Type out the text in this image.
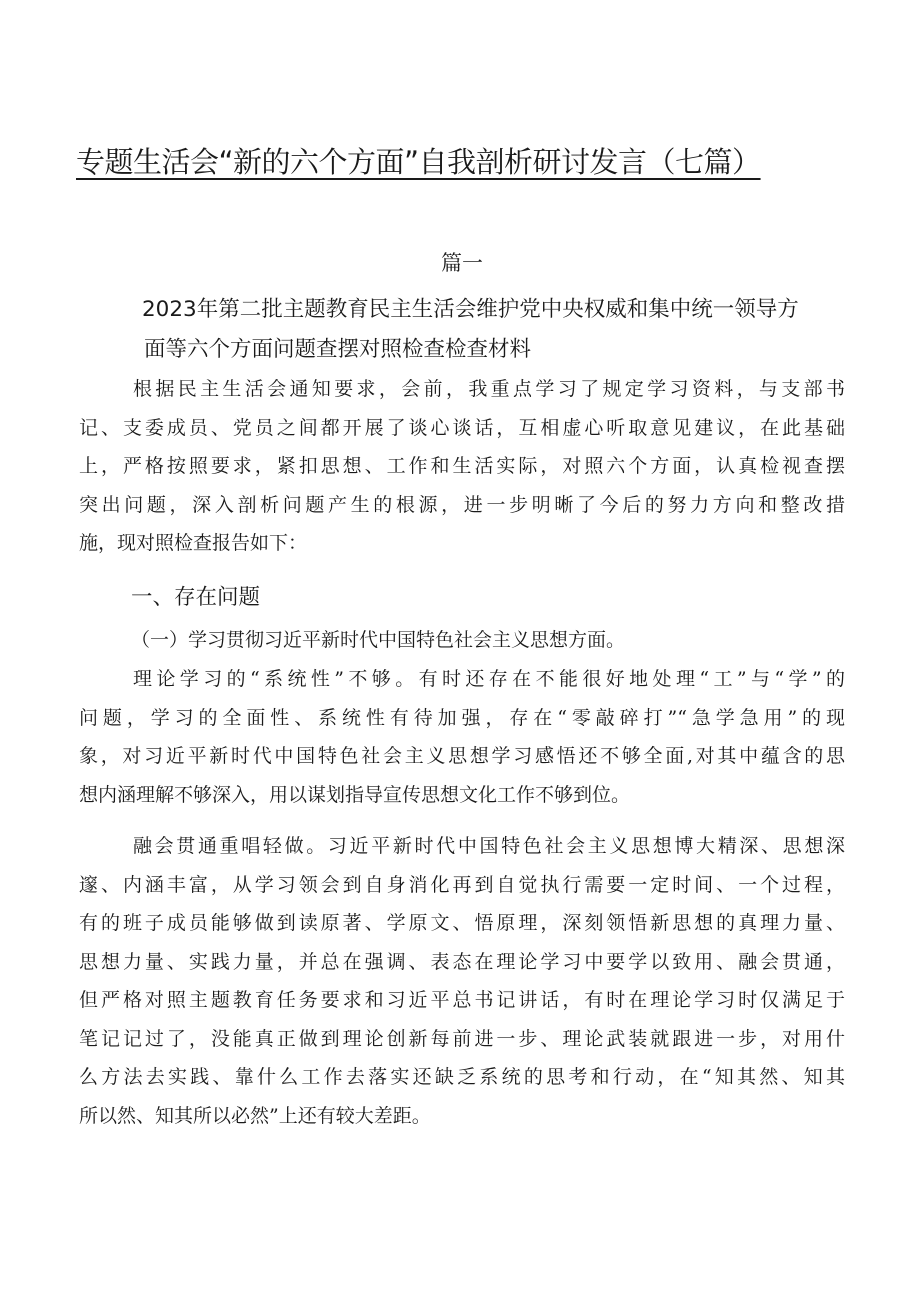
专题生活会“新的六个方面”自我剖析研讨发言（七篇）
篇一
2023年第二批主题教育民主生活会维护党中央权威和集中统一领导方
面等六个方面问题查摆对照检查检查材料
根据民主生活会通知要求，会前，我重点学习了规定学习资料，与支部书
记、支委成员、党员之间都开展了谈心谈话，互相虚心听取意见建议，在此基础
上，严格按照要求，紧扣思想、工作和生活实际，对照六个方面，认真检视查摆
突出问题，深入剖析问题产生的根源，进一步明晰了今后的努力方向和整改措
施，现对照检查报告如下：
一、存在问题

（一）学习贯彻习近平新时代中国特色社会主义思想方面。

理论学习的“系统性”不够。有时还存在不能很好地处理“工”与“学”的
问题，学习的全面性、系统性有待加强，存在“零敲碎打”“急学急用”的现
象，对习近平新时代中国特色社会主义思想学习感悟还不够全面,对其中蕴含的思
想内涵理解不够深入，用以谋划指导宣传思想文化工作不够到位。
融会贯通重唱轻做。习近平新时代中国特色社会主义思想博大精深、思想深
邃、内涵丰富，从学习领会到自身消化再到自觉执行需要一定时间、一个过程，
有的班子成员能够做到读原著、学原文、悟原理，深刻领悟新思想的真理力量、
思想力量、实践力量，并总在强调、表态在理论学习中要学以致用、融会贯通，
但严格对照主题教育任务要求和习近平总书记讲话，有时在理论学习时仅满足于
笔记记过了，没能真正做到理论创新每前进一步、理论武装就跟进一步，对用什
么方法去实践、靠什么工作去落实还缺乏系统的思考和行动，在“知其然、知其
所以然、知其所以必然”上还有较大差距。
